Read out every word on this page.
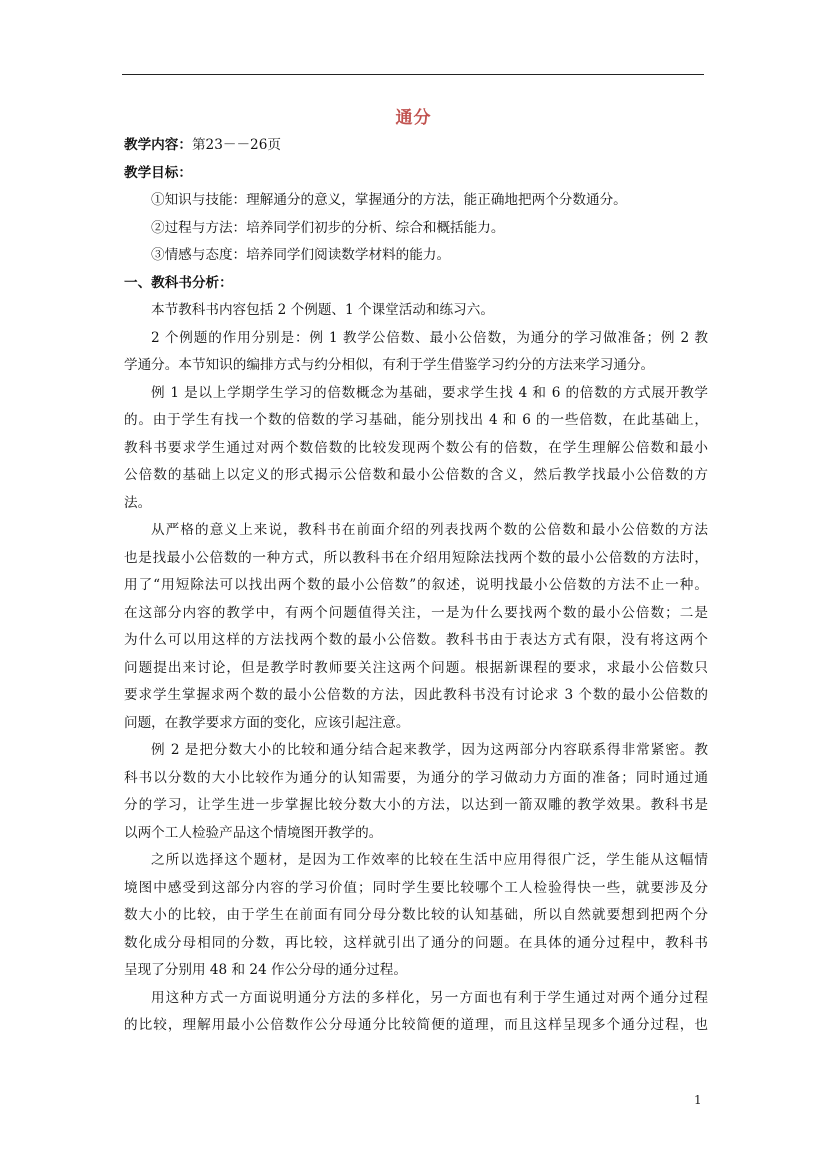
通分

教学内容：第23－－26页

教学目标：

①知识与技能：理解通分的意义，掌握通分的方法，能正确地把两个分数通分。

②过程与方法：培养同学们初步的分析、综合和概括能力。

③情感与态度：培养同学们阅读数学材料的能力。

一、教科书分析：

本节教科书内容包括 2 个例题、1 个课堂活动和练习六。

2 个例题的作用分别是：例 1 教学公倍数、最小公倍数，为通分的学习做准备；例 2 教

学通分。本节知识的编排方式与约分相似，有利于学生借鉴学习约分的方法来学习通分。

例 1 是以上学期学生学习的倍数概念为基础，要求学生找 4 和 6 的倍数的方式展开教学

的。由于学生有找一个数的倍数的学习基础，能分别找出 4 和 6 的一些倍数，在此基础上，

教科书要求学生通过对两个数倍数的比较发现两个数公有的倍数，在学生理解公倍数和最小

公倍数的基础上以定义的形式揭示公倍数和最小公倍数的含义，然后教学找最小公倍数的方

法。

从严格的意义上来说，教科书在前面介绍的列表找两个数的公倍数和最小公倍数的方法

也是找最小公倍数的一种方式，所以教科书在介绍用短除法找两个数的最小公倍数的方法时，

用了“用短除法可以找出两个数的最小公倍数”的叙述，说明找最小公倍数的方法不止一种。

在这部分内容的教学中，有两个问题值得关注，一是为什么要找两个数的最小公倍数；二是

为什么可以用这样的方法找两个数的最小公倍数。教科书由于表达方式有限，没有将这两个

问题提出来讨论，但是教学时教师要关注这两个问题。根据新课程的要求，求最小公倍数只

要求学生掌握求两个数的最小公倍数的方法，因此教科书没有讨论求 3 个数的最小公倍数的

问题，在教学要求方面的变化，应该引起注意。

例 2 是把分数大小的比较和通分结合起来教学，因为这两部分内容联系得非常紧密。教

科书以分数的大小比较作为通分的认知需要，为通分的学习做动力方面的准备；同时通过通

分的学习，让学生进一步掌握比较分数大小的方法，以达到一箭双雕的教学效果。教科书是

以两个工人检验产品这个情境图开教学的。

之所以选择这个题材，是因为工作效率的比较在生活中应用得很广泛，学生能从这幅情

境图中感受到这部分内容的学习价值；同时学生要比较哪个工人检验得快一些，就要涉及分

数大小的比较，由于学生在前面有同分母分数比较的认知基础，所以自然就要想到把两个分

数化成分母相同的分数，再比较，这样就引出了通分的问题。在具体的通分过程中，教科书

呈现了分别用 48 和 24 作公分母的通分过程。

用这种方式一方面说明通分方法的多样化，另一方面也有利于学生通过对两个通分过程

的比较，理解用最小公倍数作公分母通分比较简便的道理，而且这样呈现多个通分过程，也

1
